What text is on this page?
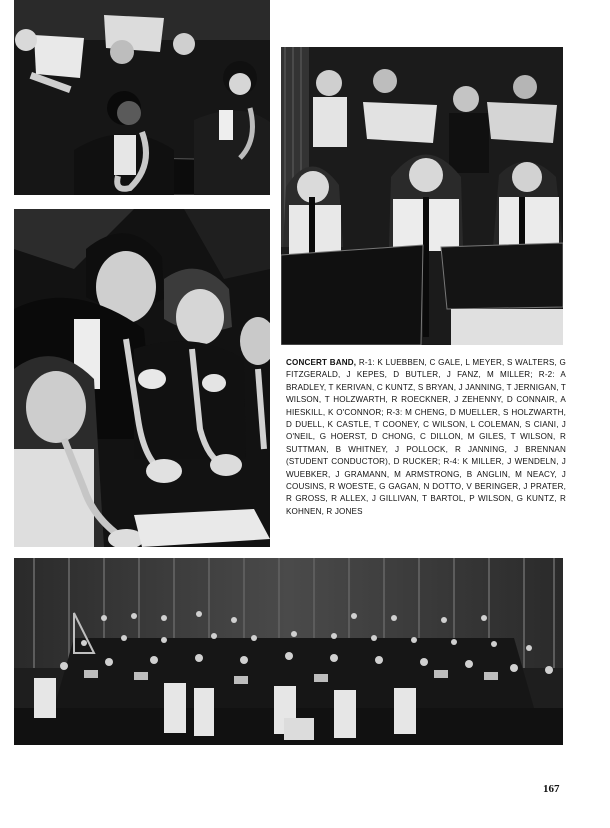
CONCERT BAND, R-1: K LUEBBEN, C GALE, L MEYER, S WALTERS, G FITZGERALD, J KEPES, D BUTLER, J FANZ, M MILLER; R-2: A BRADLEY, T KERIVAN, C KUNTZ, S BRYAN, J JANNING, T JERNIGAN, T WILSON, T HOLZWARTH, R ROECKNER, J ZEHENNY, D CONNAIR, A HIESKILL, K O'CONNOR; R-3: M CHENG, D MUELLER, S HOLZWARTH, D DUELL, K CASTLE, T COONEY, C WILSON, L COLEMAN, S CIANI, J O'NEIL, G HOERST, D CHONG, C DILLON, M GILES, T WILSON, R SUTTMAN, B WHITNEY, J POLLOCK, R JANNING, J BRENNAN (STUDENT CONDUCTOR), D RUCKER; R-4: K MILLER, J WENDELN, J WUEBKER, J GRAMANN, M ARMSTRONG, B ANGLIN, M NEACY, J COUSINS, R WOESTE, G GAGAN, N DOTTO, V BERINGER, J PRATER, R GROSS, R ALLEX, J GILLIVAN, T BARTOL, P WILSON, G KUNTZ, R KOHNEN, R JONES
167
